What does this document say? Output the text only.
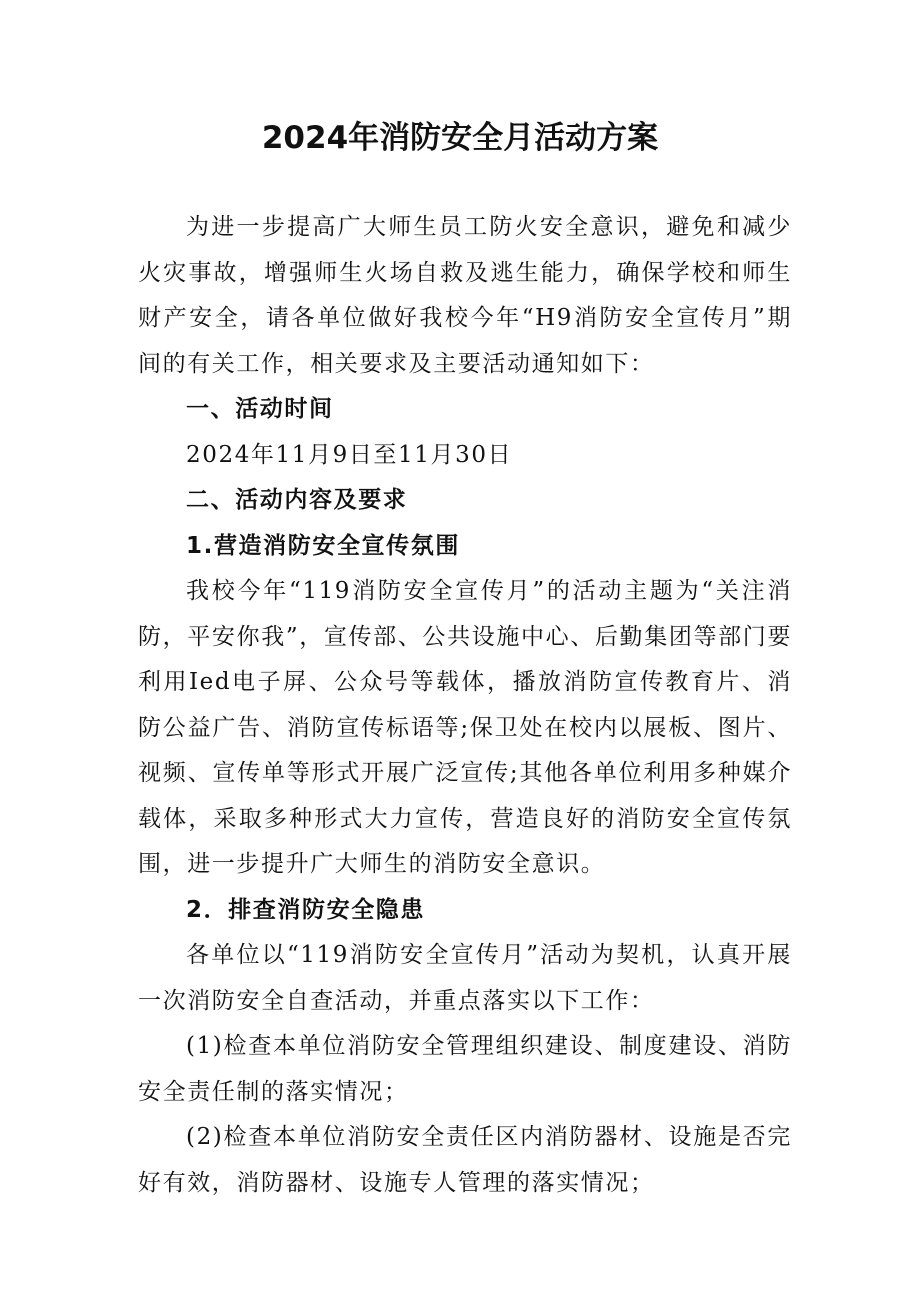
2024年消防安全月活动方案

为进一步提高广大师生员工防火安全意识，避免和减少火灾事故，增强师生火场自救及逃生能力，确保学校和师生财产安全，请各单位做好我校今年“H9消防安全宣传月”期间的有关工作，相关要求及主要活动通知如下：

一、活动时间

2024年11月9日至11月30日

二、活动内容及要求

1.营造消防安全宣传氛围

我校今年“119消防安全宣传月”的活动主题为“关注消防，平安你我”，宣传部、公共设施中心、后勤集团等部门要利用Ied电子屏、公众号等载体，播放消防宣传教育片、消防公益广告、消防宣传标语等;保卫处在校内以展板、图片、视频、宣传单等形式开展广泛宣传;其他各单位利用多种媒介载体，采取多种形式大力宣传，营造良好的消防安全宣传氛围，进一步提升广大师生的消防安全意识。

2．排查消防安全隐患

各单位以“119消防安全宣传月”活动为契机，认真开展一次消防安全自查活动，并重点落实以下工作：

(1)检查本单位消防安全管理组织建设、制度建设、消防安全责任制的落实情况；

(2)检查本单位消防安全责任区内消防器材、设施是否完好有效，消防器材、设施专人管理的落实情况；
